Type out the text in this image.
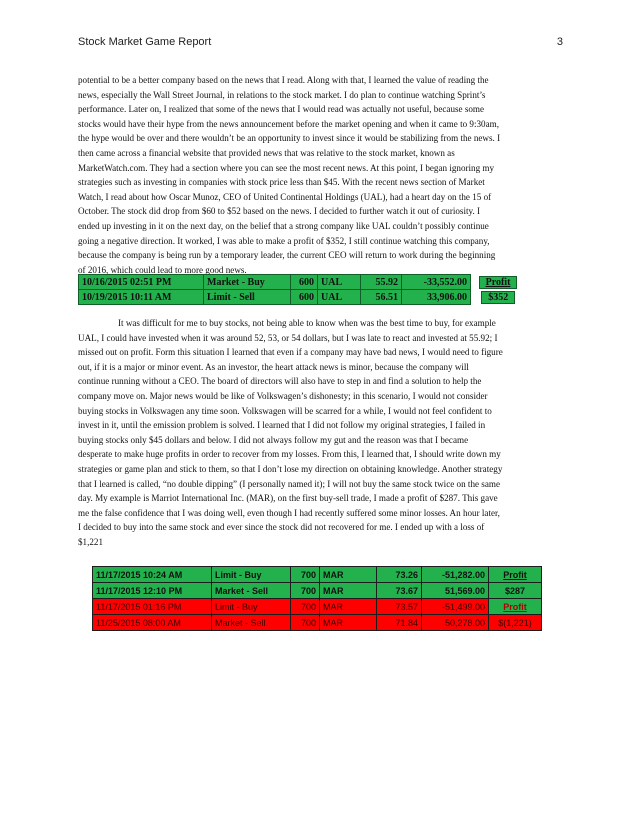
Stock Market Game Report	3
potential to be a better company based on the news that I read. Along with that, I learned the value of reading the
news, especially the Wall Street Journal, in relations to the stock market. I do plan to continue watching Sprint’s
performance. Later on, I realized that some of the news that I would read was actually not useful, because some
stocks would have their hype from the news announcement before the market opening and when it came to 9:30am,
the hype would be over and there wouldn’t be an opportunity to invest since it would be stabilizing from the news. I
then came across a financial website that provided news that was relative to the stock market, known as
MarketWatch.com. They had a section where you can see the most recent news. At this point, I began ignoring my
strategies such as investing in companies with stock price less than $45. With the recent news section of Market
Watch, I read about how Oscar Munoz, CEO of United Continental Holdings (UAL), had a heart day on the 15 of
October. The stock did drop from $60 to $52 based on the news. I decided to further watch it out of curiosity. I
ended up investing in it on the next day, on the belief that a strong company like UAL couldn’t possibly continue
going a negative direction. It worked, I was able to make a profit of $352, I still continue watching this company,
because the company is being run by a temporary leader, the current CEO will return to work during the beginning
of 2016, which could lead to more good news.
10/16/2015 02:51 PM	Market - Buy	600	UAL	55.92	-33,552.00	Profit
10/19/2015 10:11 AM	Limit - Sell	600	UAL	56.51	33,906.00	$352
It was difficult for me to buy stocks, not being able to know when was the best time to buy, for example
UAL, I could have invested when it was around 52, 53, or 54 dollars, but I was late to react and invested at 55.92; I
missed out on profit. Form this situation I learned that even if a company may have bad news, I would need to figure
out, if it is a major or minor event. As an investor, the heart attack news is minor, because the company will
continue running without a CEO. The board of directors will also have to step in and find a solution to help the
company move on. Major news would be like of Volkswagen’s dishonesty; in this scenario, I would not consider
buying stocks in Volkswagen any time soon. Volkswagen will be scarred for a while, I would not feel confident to
invest in it, until the emission problem is solved. I learned that I did not follow my original strategies, I failed in
buying stocks only $45 dollars and below. I did not always follow my gut and the reason was that I became
desperate to make huge profits in order to recover from my losses. From this, I learned that, I should write down my
strategies or game plan and stick to them, so that I don’t lose my direction on obtaining knowledge. Another strategy
that I learned is called, “no double dipping” (I personally named it); I will not buy the same stock twice on the same
day. My example is Marriot International Inc. (MAR), on the first buy-sell trade, I made a profit of $287. This gave
me the false confidence that I was doing well, even though I had recently suffered some minor losses. An hour later,
I decided to buy into the same stock and ever since the stock did not recovered for me. I ended up with a loss of
$1,221
11/17/2015 10:24 AM	Limit - Buy	700	MAR	73.26	-51,282.00	Profit
11/17/2015 12:10 PM	Market - Sell	700	MAR	73.67	51,569.00	$287
11/17/2015 01:16 PM	Limit - Buy	700	MAR	73.57	-51,499.00	Profit
11/25/2015 08:00 AM	Market - Sell	700	MAR	71.84	50,278.00	$(1,221)
